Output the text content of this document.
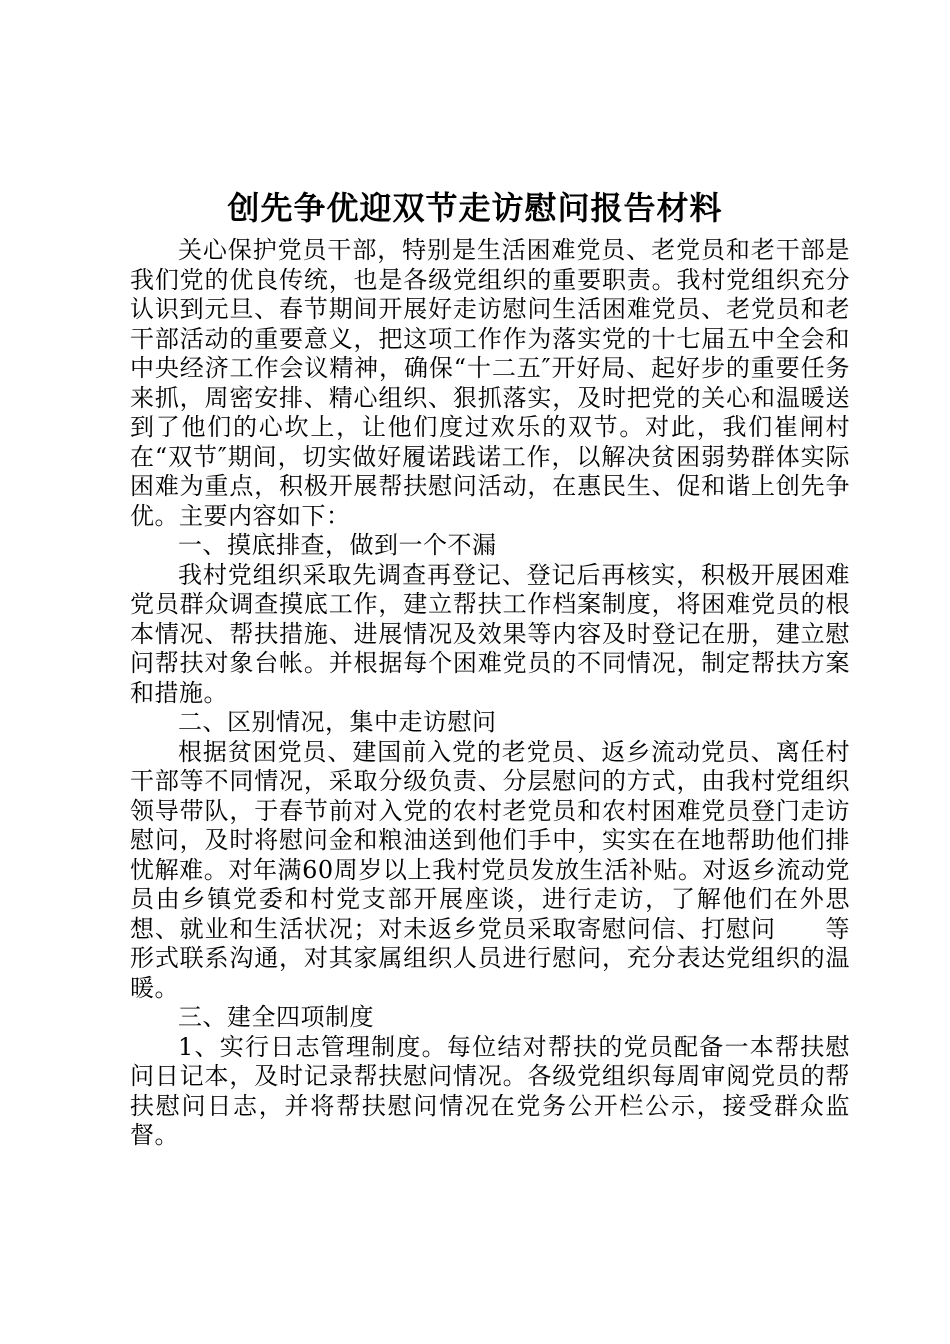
创先争优迎双节走访慰问报告材料

关心保护党员干部，特别是生活困难党员、老党员和老干部是我们党的优良传统，也是各级党组织的重要职责。我村党组织充分认识到元旦、春节期间开展好走访慰问生活困难党员、老党员和老干部活动的重要意义，把这项工作作为落实党的十七届五中全会和中央经济工作会议精神，确保“十二五″开好局、起好步的重要任务来抓，周密安排、精心组织、狠抓落实，及时把党的关心和温暖送到了他们的心坎上，让他们度过欢乐的双节。对此，我们崔闸村在“双节″期间，切实做好履诺践诺工作，以解决贫困弱势群体实际困难为重点，积极开展帮扶慰问活动，在惠民生、促和谐上创先争优。主要内容如下：

一、摸底排查，做到一个不漏

我村党组织采取先调查再登记、登记后再核实，积极开展困难党员群众调查摸底工作，建立帮扶工作档案制度，将困难党员的根本情况、帮扶措施、进展情况及效果等内容及时登记在册，建立慰问帮扶对象台帐。并根据每个困难党员的不同情况，制定帮扶方案和措施。

二、区别情况，集中走访慰问

根据贫困党员、建国前入党的老党员、返乡流动党员、离任村干部等不同情况，采取分级负责、分层慰问的方式，由我村党组织领导带队，于春节前对入党的农村老党员和农村困难党员登门走访慰问，及时将慰问金和粮油送到他们手中，实实在在地帮助他们排忧解难。对年满60周岁以上我村党员发放生活补贴。对返乡流动党员由乡镇党委和村党支部开展座谈，进行走访，了解他们在外思想、就业和生活状况；对未返乡党员采取寄慰问信、打慰问　　等形式联系沟通，对其家属组织人员进行慰问，充分表达党组织的温暖。

三、建全四项制度

1、实行日志管理制度。每位结对帮扶的党员配备一本帮扶慰问日记本，及时记录帮扶慰问情况。各级党组织每周审阅党员的帮扶慰问日志，并将帮扶慰问情况在党务公开栏公示，接受群众监督。
